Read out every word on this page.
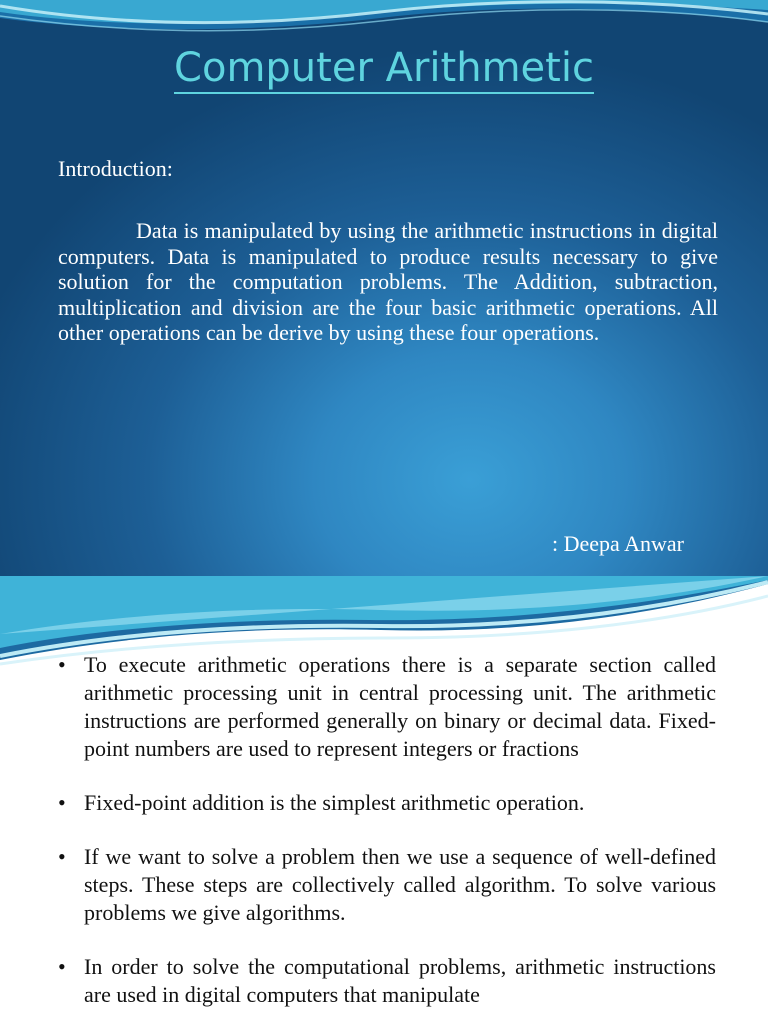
Computer Arithmetic

Introduction:

Data is manipulated by using the arithmetic instructions in digital computers. Data is manipulated to produce results necessary to give solution for the computation problems. The Addition, subtraction, multiplication and division are the four basic arithmetic operations. All other operations can be derive by using these four operations.

: Deepa Anwar
• To execute arithmetic operations there is a separate section called arithmetic processing unit in central processing unit. The arithmetic instructions are performed generally on binary or decimal data. Fixed-point numbers are used to represent integers or fractions
• Fixed-point addition is the simplest arithmetic operation.
• If we want to solve a problem then we use a sequence of well-defined steps. These steps are collectively called algorithm. To solve various problems we give algorithms.
• In order to solve the computational problems, arithmetic instructions are used in digital computers that manipulate
